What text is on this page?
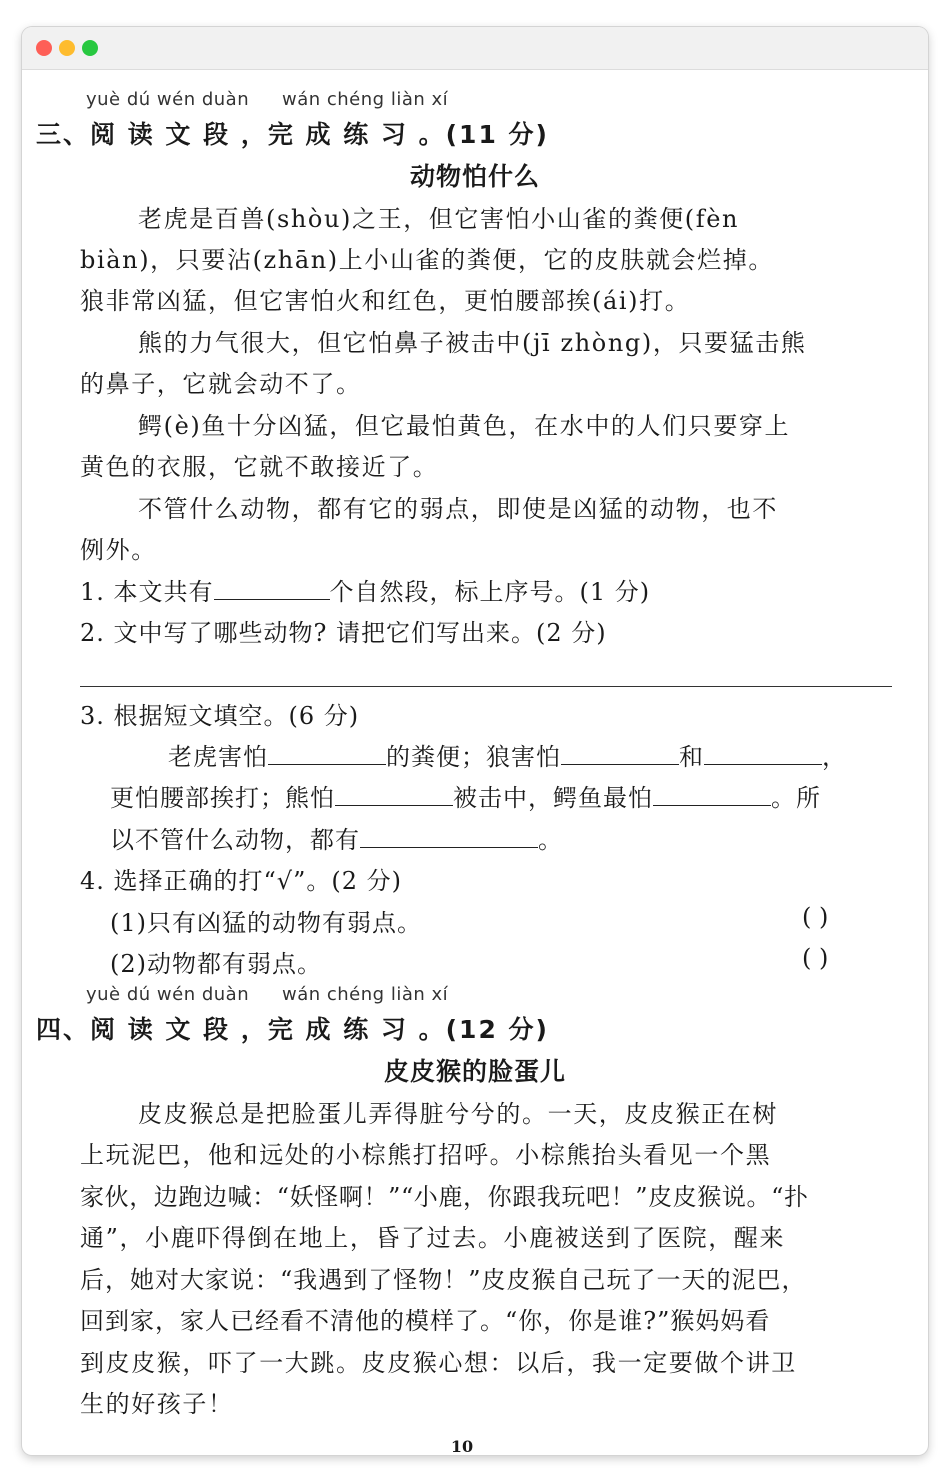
yuè dú wén duàn wán chéng liàn xí
三、阅 读 文 段 ，完 成 练 习 。(11 分)
动物怕什么
老虎是百兽(shòu)之王，但它害怕小山雀的粪便(fèn
biàn)，只要沾(zhān)上小山雀的粪便，它的皮肤就会烂掉。
狼非常凶猛，但它害怕火和红色，更怕腰部挨(ái)打。
熊的力气很大，但它怕鼻子被击中(jī zhòng)，只要猛击熊
的鼻子，它就会动不了。
鳄(è)鱼十分凶猛，但它最怕黄色，在水中的人们只要穿上
黄色的衣服，它就不敢接近了。
不管什么动物，都有它的弱点，即使是凶猛的动物，也不
例外。
1. 本文共有	个自然段，标上序号。(1 分)
2. 文中写了哪些动物? 请把它们写出来。(2 分)
3. 根据短文填空。(6 分)
老虎害怕	的粪便；狼害怕	和	，
更怕腰部挨打；熊怕	被击中，鳄鱼最怕	。所
以不管什么动物，都有	。
4. 选择正确的打“√”。(2 分)
(1)只有凶猛的动物有弱点。	( )
(2)动物都有弱点。	( )
yuè dú wén duàn wán chéng liàn xí
四、阅 读 文 段 ，完 成 练 习 。(12 分)
皮皮猴的脸蛋儿
皮皮猴总是把脸蛋儿弄得脏兮兮的。一天，皮皮猴正在树
上玩泥巴，他和远处的小棕熊打招呼。小棕熊抬头看见一个黑
家伙，边跑边喊：“妖怪啊！”“小鹿，你跟我玩吧！”皮皮猴说。“扑
通”，小鹿吓得倒在地上，昏了过去。小鹿被送到了医院，醒来
后，她对大家说：“我遇到了怪物！”皮皮猴自己玩了一天的泥巴，
回到家，家人已经看不清他的模样了。“你，你是谁?”猴妈妈看
到皮皮猴，吓了一大跳。皮皮猴心想：以后，我一定要做个讲卫
生的好孩子！
10
